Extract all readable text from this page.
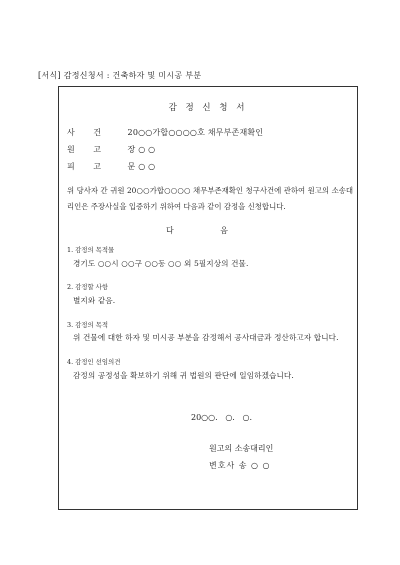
[서식] 감정신청서 : 건축하자 및 미시공 부분
감 정 신 청 서
사 건 20○○가합○○○○호 채무부존재확인
원 고 장 ○ ○
피 고 문 ○ ○
위 당사자 간 귀원 20○○가합○○○○ 채무부존재확인 청구사건에 관하여 원고의 소송대리인은 주장사실을 입증하기 위하여 다음과 같이 감정을 신청합니다.
다 음
1. 감정의 목적물
경기도 ○○시 ○○구 ○○동 ○○ 외 5필지상의 건물.
2. 감정할 사항
별지와 같음.
3. 감정의 목적
위 건물에 대한 하자 및 미시공 부분을 감정해서 공사대금과 정산하고자 합니다.
4. 감정인 선임의견
감정의 공정성을 확보하기 위해 귀 법원의 판단에 일임하겠습니다.
20○○.   ○.   ○.
원고의 소송대리인
변호사 송 ○ ○
